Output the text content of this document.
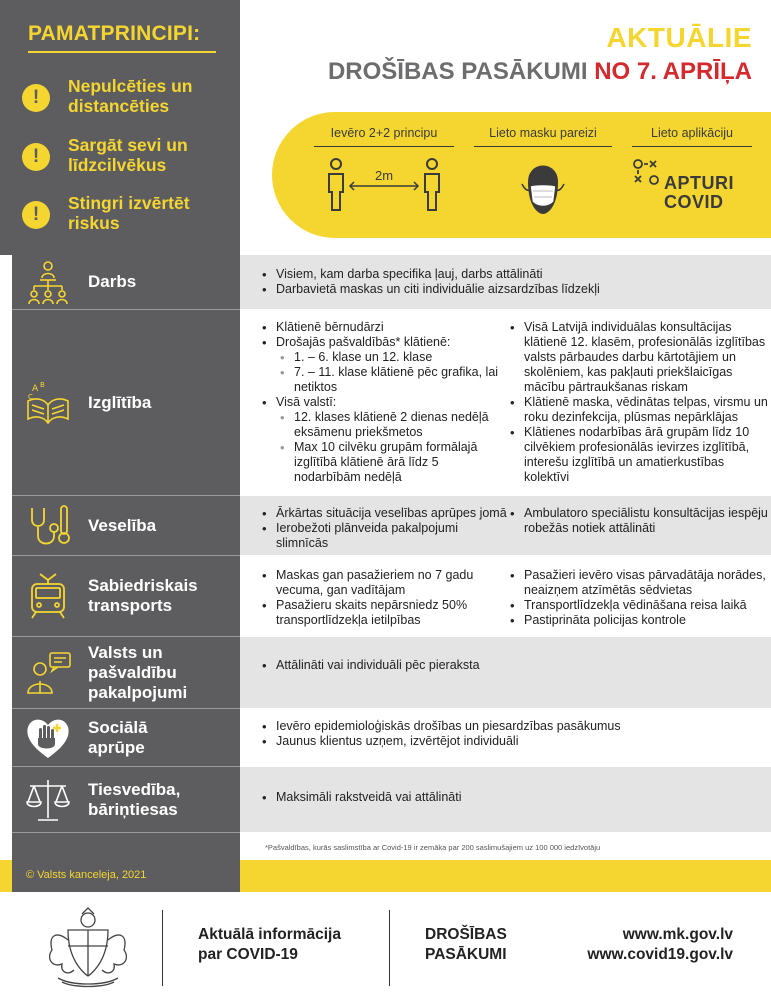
PAMATPRINCIPI:
!
Nepulcēties un
distancēties
!
Sargāt sevi un
līdzcilvēkus
!
Stingri izvērtēt
riskus
AKTUĀLIE
DROŠĪBAS PASĀKUMI NO 7. APRĪĻA
Ievēro 2+2 principu
2m
Lieto masku pareizi	Lieto aplikāciju
APTURI
COVID
Darbs
•	Visiem, kam darba specifika ļauj, darbs attālināti
• Darbavietā maskas un citi individuālie aizsardzības līdzekļi
A B
C	Izglītība
• Klātienē bērnudārzi
• Drošajās pašvaldībās* klātienē:
• 1. – 6. klase un 12. klase
• 7. – 11. klase klātienē pēc grafika, lai netiktos
• Visā valstī:
• 12. klases klātienē 2 dienas nedēļā eksāmenu priekšmetos
• Max 10 cilvēku grupām formālajā izglītībā klātienē ārā līdz 5 nodarbībām nedēļā
• Visā Latvijā individuālas konsultācijas klātienē 12. klasēm, profesionālās izglītības valsts pārbaudes darbu kārtotājiem un skolēniem, kas pakļauti priekšlaicīgas mācību pārtraukšanas riskam
• Klātienē maska, vēdinātas telpas, virsmu un roku dezinfekcija, plūsmas nepārklājas
• Klātienes nodarbības ārā grupām līdz 10 cilvēkiem profesionālās ievirzes izglītībā, interešu izglītībā un amatierkustības kolektīvi
Veselība
• Ārkārtas situācija veselības aprūpes jomā
• Ierobežoti plānveida pakalpojumi slimnīcās
• Ambulatoro speciālistu konsultācijas iespēju robežās notiek attālināti
Sabiedriskais
transports
• Maskas gan pasažieriem no 7 gadu vecuma, gan vadītājam
• Pasažieru skaits nepārsniedz 50% transportlīdzekļa ietilpības
• Pasažieri ievēro visas pārvadātāja norādes, neaizņem atzīmētās sēdvietas
• Transportlīdzekļa vēdināšana reisa laikā
• Pastiprināta policijas kontrole
Valsts un
pašvaldību
pakalpojumi
• Attālināti vai individuāli pēc pieraksta
Sociālā
aprūpe
• Ievēro epidemioloģiskās drošības un piesardzības pasākumus
• Jaunus klientus uzņem, izvērtējot individuāli
Tiesvedība,
bāriņtiesas
• Maksimāli rakstveidā vai attālināti
*Pašvaldības, kurās saslimstība ar Covid-19 ir zemāka par 200 saslimušajiem uz 100 000 iedzīvotāju
© Valsts kanceleja, 2021
Aktuālā informācija
par COVID-19
DROŠĪBAS
PASĀKUMI
www.mk.gov.lv
www.covid19.gov.lv
